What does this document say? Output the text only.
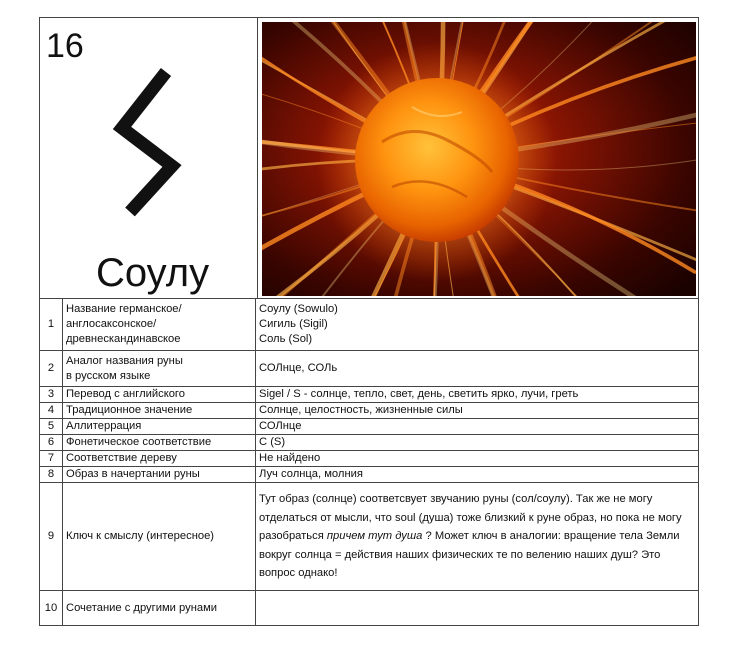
16
Соулу
1	Название германское/
англосаксонское/
древнескандинавское	Соулу (Sowulo)
Сигиль (Sigil)
Соль (Sol)

2	Аналог названия руны
в русском языке	СОЛнце, СОЛь

3	Перевод с английского	Sigel / S - солнце, тепло, свет, день, светить ярко, лучи, греть

4	Традиционное значение	Солнце, целостность, жизненные силы

5	Аллитеррация	СОЛнце

6	Фонетическое соответствие	С (S)

7	Соответствие дереву	Не найдено

8	Образ в начертании руны	Луч солнца, молния

9	Ключ к смыслу (интересное)	Тут образ (солнце) соответсвует звучанию руны (сол/соулу). Так же не могу отделаться от мысли, что soul (душа) тоже близкий к руне образ, но пока не могу разобраться причем тут душа ? Может ключ в аналогии: вращение тела Земли вокруг солнца = действия наших физических те по велению наших душ? Это вопрос однако!
10	Сочетание с другими рунами	
